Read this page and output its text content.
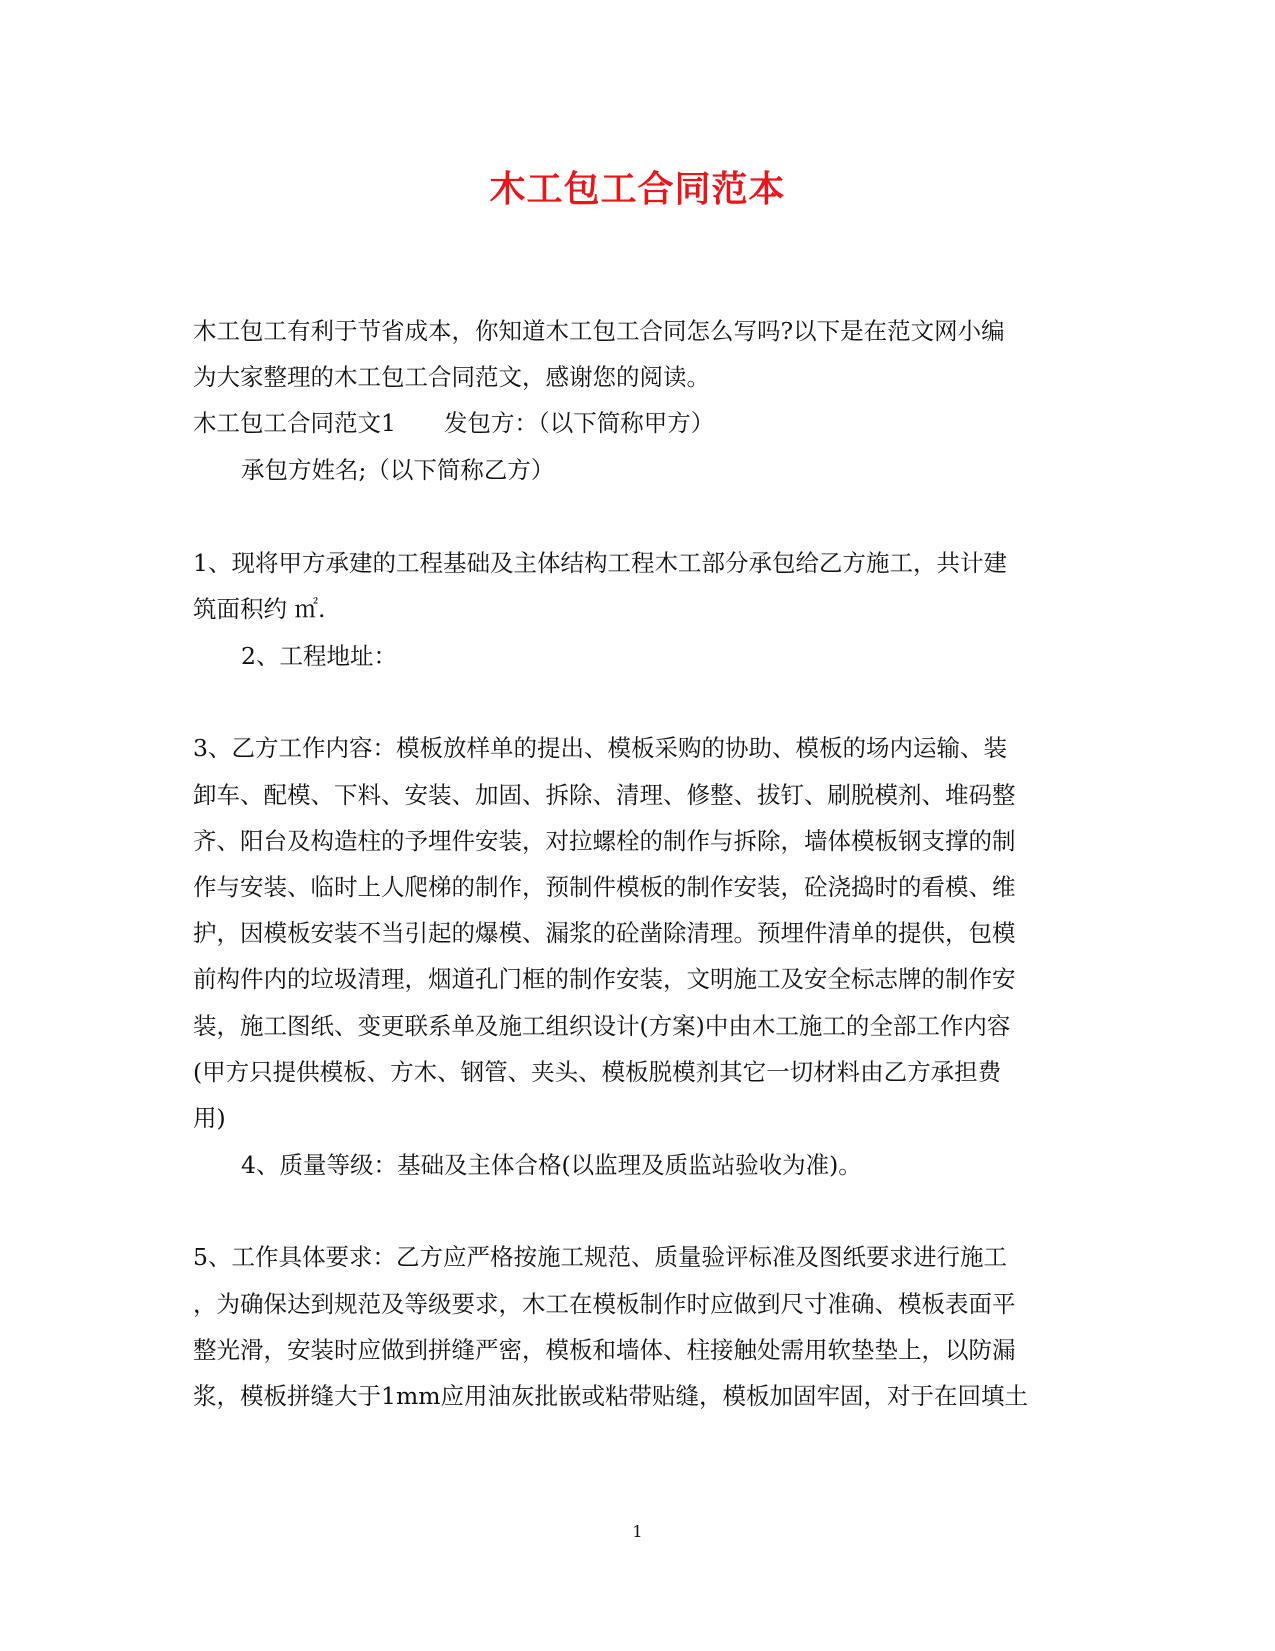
木工包工合同范本
木工包工有利于节省成本，你知道木工包工合同怎么写吗?以下是在范文网小编
为大家整理的木工包工合同范文，感谢您的阅读。
木工包工合同范文1 发包方：（以下简称甲方）
承包方姓名;（以下简称乙方）
1、现将甲方承建的工程基础及主体结构工程木工部分承包给乙方施工，共计建
筑面积约 ㎡.
2、工程地址：
3、乙方工作内容：模板放样单的提出、模板采购的协助、模板的场内运输、装
卸车、配模、下料、安装、加固、拆除、清理、修整、拔钉、刷脱模剂、堆码整
齐、阳台及构造柱的予埋件安装，对拉螺栓的制作与拆除，墙体模板钢支撑的制
作与安装、临时上人爬梯的制作，预制件模板的制作安装，砼浇捣时的看模、维
护，因模板安装不当引起的爆模、漏浆的砼凿除清理。预埋件清单的提供，包模
前构件内的垃圾清理，烟道孔门框的制作安装，文明施工及安全标志牌的制作安
装，施工图纸、变更联系单及施工组织设计(方案)中由木工施工的全部工作内容
(甲方只提供模板、方木、钢管、夹头、模板脱模剂其它一切材料由乙方承担费
用)
4、质量等级：基础及主体合格(以监理及质监站验收为准)。
5、工作具体要求：乙方应严格按施工规范、质量验评标准及图纸要求进行施工
，为确保达到规范及等级要求，木工在模板制作时应做到尺寸准确、模板表面平
整光滑，安装时应做到拼缝严密，模板和墙体、柱接触处需用软垫垫上，以防漏
浆，模板拼缝大于1mm应用油灰批嵌或粘带贴缝，模板加固牢固，对于在回填土
1
